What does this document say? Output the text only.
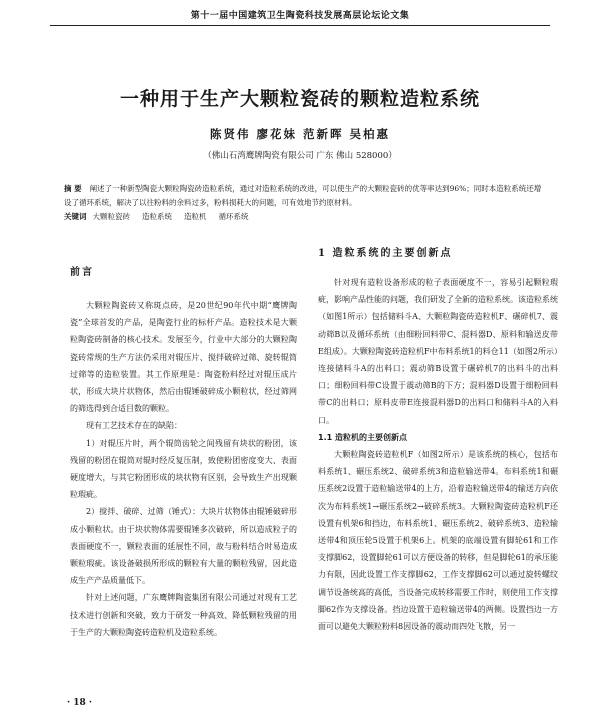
第十一届中国建筑卫生陶瓷科技发展高层论坛论文集
一种用于生产大颗粒瓷砖的颗粒造粒系统
陈贤伟 廖花妹 范新晖 吴柏惠
（佛山石湾鹰牌陶瓷有限公司 广东 佛山 528000）
摘 要 阐述了一种新型陶瓷大颗粒陶瓷砖造粒系统，通过对造粒系统的改进，可以使生产的大颗粒瓷砖的优等率达到96%；同时本造粒系统还增设了循环系统，解决了以往粉料的余料过多，粉料损耗大的问题，可有效地节约原材料。
关键词 大颗粒瓷砖 造粒系统 造粒机 循环系统
前言

大颗粒陶瓷砖又称斑点砖，是20世纪90年代中期“鹰牌陶瓷”全球首发的产品，是陶瓷行业的标杆产品。造粒技术是大颗粒陶瓷砖制备的核心技术。发展至今，行业中大部分的大颗粒陶瓷砖常规的生产方法仍采用对辊压片、搅拌破碎过筛、旋转辊筒过筛等的造粒装置。其工作原理是：陶瓷粉料经过对辊压成片状，形成大块片状物体，然后由辊锤破碎成小颗粒状，经过筛网的筛选得到合适目数的颗粒。

现有工艺技术存在的缺陷：

1）对辊压片时，两个辊筒齿轮之间残留有块状的粉团，该残留的粉团在辊筒对辊时经反复压制，致使粉团密度变大、表面硬度增大，与其它粉团形成的块状物有区别，会导致生产出现颗粒瑕疵。

2）搅拌、破碎、过筛（锤式）：大块片状物体由辊锤破碎形成小颗粒状。由于块状物体需要辊锤多次破碎，所以造成粒子的表面硬度不一，颗粒表面的延展性不同，故与粉料结合时易造成颗粒瑕疵。该设备破损所形成的颗粒有大量的颗粒残留，因此造成生产产品质量低下。

针对上述问题，广东鹰牌陶瓷集团有限公司通过对现有工艺技术进行创新和突破，致力于研发一种高效、降低颗粒残留的用于生产的大颗粒陶瓷砖造粒机及造粒系统。

1 造粒系统的主要创新点

针对现有造粒设备形成的粒子表面硬度不一，容易引起颗粒瑕疵，影响产品性能的问题，我们研发了全新的造粒系统。该造粒系统（如图1所示）包括储料斗A、大颗粒陶瓷砖造粒机F、碾碎机7、震动筛B以及循环系统（由细粉回料带C、混料器D、原料和输送皮带E组成）。大颗粒陶瓷砖造粒机F中布料系统1的料仓11（如图2所示）连接储料斗A的出料口；震动筛B设置于碾碎机7的出料斗的出料口；细粉回料带C设置于震动筛B的下方；混料器D设置于细粉回料带C的出料口；原料皮带E连接混料器D的出料口和储料斗A的入料口。

1.1 造粒机的主要创新点

大颗粒陶瓷砖造粒机F（如图2所示）是该系统的核心，包括布料系统1、碾压系统2、破碎系统3和造粒输送带4。布料系统1和碾压系统2设置于造粒输送带4的上方，沿着造粒输送带4的输送方向依次为布料系统1→碾压系统2→破碎系统3。大颗粒陶瓷砖造粒机F还设置有机架6和挡边，布料系统1、碾压系统2、破碎系统3、造粒输送带4和顶压轮5设置于机架6上。机架的底端设置有脚轮61和工作支撑脚62，设置脚轮61可以方便设备的转移，但是脚轮61的承压能力有限，因此设置工作支撑脚62，工作支撑脚62可以通过旋转螺纹调节设备统高的高低，当设备完成转移需要工作时，则使用工作支撑脚62作为支撑设备。挡边设置于造粒输送带4的两侧。设置挡边一方面可以避免大颗粒粉料8因设备的震动而四处飞散，另一

· 18 ·
